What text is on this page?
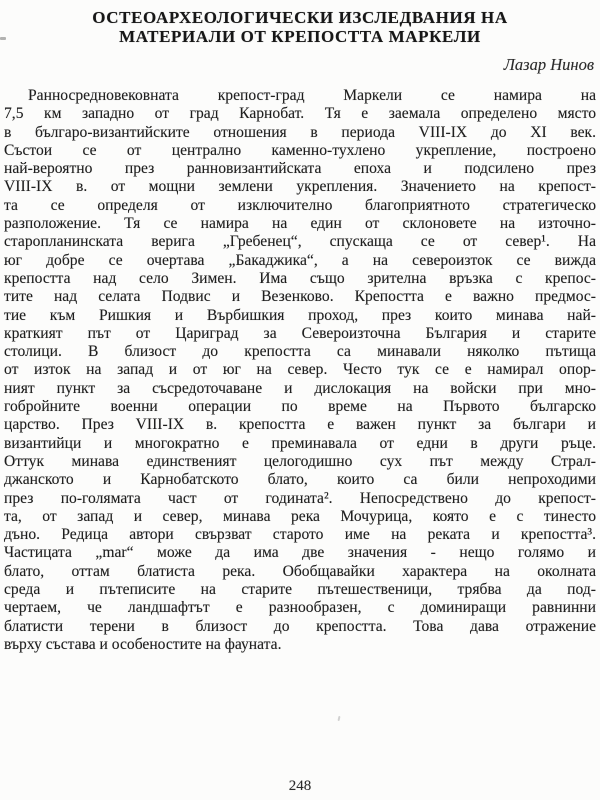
ОСТЕОАРХЕОЛОГИЧЕСКИ ИЗСЛЕДВАНИЯ НА
МАТЕРИАЛИ ОТ КРЕПОСТТА МАРКЕЛИ
Лазар Нинов
Ранносредновековната крепост-град Маркели се намира на
7,5 км западно от град Карнобат. Тя е заемала определено място
в българо-византийските отношения в периода VIII-IX до XI век.
Състои се от централно каменно-тухлено укрепление, построено
най-вероятно през ранновизантийската епоха и подсилено през
VIII-IX в. от мощни землени укрепления. Значението на крепост-
та се определя от изключително благоприятното стратегическо
разположение. Тя се намира на един от склоновете на източно-
старопланинската верига „Гребенец“, спускаща се от север¹. На
юг добре се очертава „Бакаджика“, а на североизток се вижда
крепостта над село Зимен. Има също зрителна връзка с крепос-
тите над селата Подвис и Везенково. Крепостта е важно предмос-
тие към Ришкия и Върбишкия проход, през които минава най-
краткият път от Цариград за Североизточна България и старите
столици. В близост до крепостта са минавали няколко пътища
от изток на запад и от юг на север. Често тук се е намирал опор-
ният пункт за съсредоточаване и дислокация на войски при мно-
гобройните военни операции по време на Първото българско
царство. През VIII-IX в. крепостта е важен пункт за българи и
византийци и многократно е преминавала от едни в други ръце.
Оттук минава единственият целогодишно сух път между Страл-
джанското и Карнобатското блато, които са били непроходими
през по-голямата част от годината². Непосредствено до крепост-
та, от запад и север, минава река Мочурица, която е с тинесто
дъно. Редица автори свързват старото име на реката и крепостта³.
Частицата „mar“ може да има две значения - нещо голямо и
блато, оттам блатиста река. Обобщавайки характера на околната
среда и пътеписите на старите пътешественици, трябва да под-
чертаем, че ландшафтът е разнообразен, с доминиращи равнинни
блатисти терени в близост до крепостта. Това дава отражение
върху състава и особеностите на фауната.
248
